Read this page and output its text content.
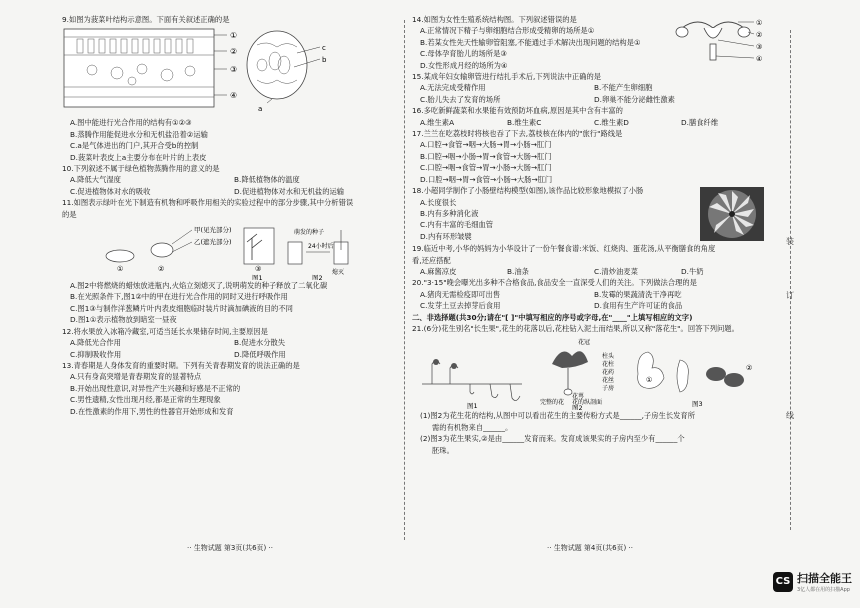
9.如图为菠菜叶结构示意图。下面有关叙述正确的是

①
②
③
④
c
b
a

A.图中能进行光合作用的结构有①②③

B.蒸腾作用能促进水分和无机盐沿着②运输

C.a是气体进出的门户,其开合受b的控制

D.菠菜叶表皮上a主要分布在叶片的上表皮

10.下列叙述不属于绿色植物蒸腾作用的意义的是

A.降低大气湿度	B.降低植物体的温度

C.促进植物体对水的吸收	D.促进植物体对水和无机盐的运输

11.如图表示绿叶在光下制造有机物和呼吸作用相关的实验过程中的部分步骤,其中分析错误

的是

①	②
甲(见光部分)
乙(遮光部分)
③
图1
萌发的种子
24小时后
熄灭
图2

A.图2中将燃烧的蜡烛放进瓶内,火焰立刻熄灭了,说明萌发的种子释放了二氧化碳

B.在光照条件下,图1②中的甲在进行光合作用的同时又进行呼吸作用

C.图1③与制作洋葱鳞片叶内表皮细胞临时装片时滴加碘液的目的不同

D.图1①表示植物放到暗室一昼夜

12.将水果放入冰箱冷藏室,可适当延长水果储存时间,主要原因是

A.降低光合作用	B.促进水分散失

C.抑制吸收作用	D.降低呼吸作用

13.青春期是人身体发育的重要时期。下列有关青春期发育的说法正确的是

A.只有身高突增是青春期发育的显著特点

B.开始出现性意识,对异性产生兴趣和好感是不正常的

C.男性遗精,女性出现月经,都是正常的生理现象

D.在性激素的作用下,男性的性器官开始形成和发育

·· 生物试题 第3页(共6页) ··
装
订
线

14.如图为女性生殖系统结构图。下列叙述错误的是

A.正常情况下精子与卵细胞结合形成受精卵的场所是①

B.若某女性先天性输卵管阻塞,不能通过手术解决出现问题的结构是①

C.母体孕育胎儿的场所是③

D.女性形成月经的场所为④

①
②
③
④

15.某成年妇女输卵管进行结扎手术后,下列说法中正确的是

A.无法完成受精作用	B.不能产生卵细胞

C.胎儿失去了发育的场所	D.卵巢不能分泌雌性激素

16.多吃新鲜蔬菜和水果能有效预防坏血病,原因是其中含有丰富的

A.维生素A	B.维生素C	C.维生素D	D.膳食纤维

17.兰兰在吃荔枝时将核也吞了下去,荔枝核在体内的"旅行"路线是

A.口腔→食管→咽→大肠→胃→小肠→肛门

B.口腔→咽→小肠→胃→食管→大肠→肛门

C.口腔→咽→食管→胃→小肠→大肠→肛门

D.口腔→咽→胃→食管→小肠→大肠→肛门

18.小超同学制作了小肠壁结构模型(如图),该作品比较形象地模拟了小肠

A.长度很长

B.内有多种消化液

C.内有丰富的毛细血管

D.内有环形皱襞

19.临近中考,小华的妈妈为小华设计了一份午餐食谱:米饭、红烧肉、蛋花汤,从平衡膳食的角度

看,还应搭配

A.麻酱凉皮	B.油条	C.清炒油麦菜	D.牛奶

20."3·15"晚会曝光出多种不合格食品,食品安全一直深受人们的关注。下列做法合理的是

A.猪肉无需检疫即可出售	B.发霉的果蔬清洗干净再吃

C.发芽土豆去掉芽后食用	D.食用有生产许可证的食品

二、非选择题(共30分;请在"[ ]"中填写相应的序号或字母,在"____"上填写相应的文字)

21.(6分)花生别名"长生果",花生的花落以后,花柱钻入泥土而结果,所以又称"落花生"。回答下列问题。

图1
花冠
柱头
花柱
花药
花丝
子房
花萼
完整的花 花的纵剖面
图2
①
②
图3

(1)图2为花生花的结构,从图中可以看出花生的主要传粉方式是______,子房生长发育所

需的有机物来自______。

(2)图3为花生果实,②是由______发育而来。发育成该果实的子房内至少有______个

胚珠。

·· 生物试题 第4页(共6页) ··
CS 扫描全能王
3亿人都在用的扫描App
